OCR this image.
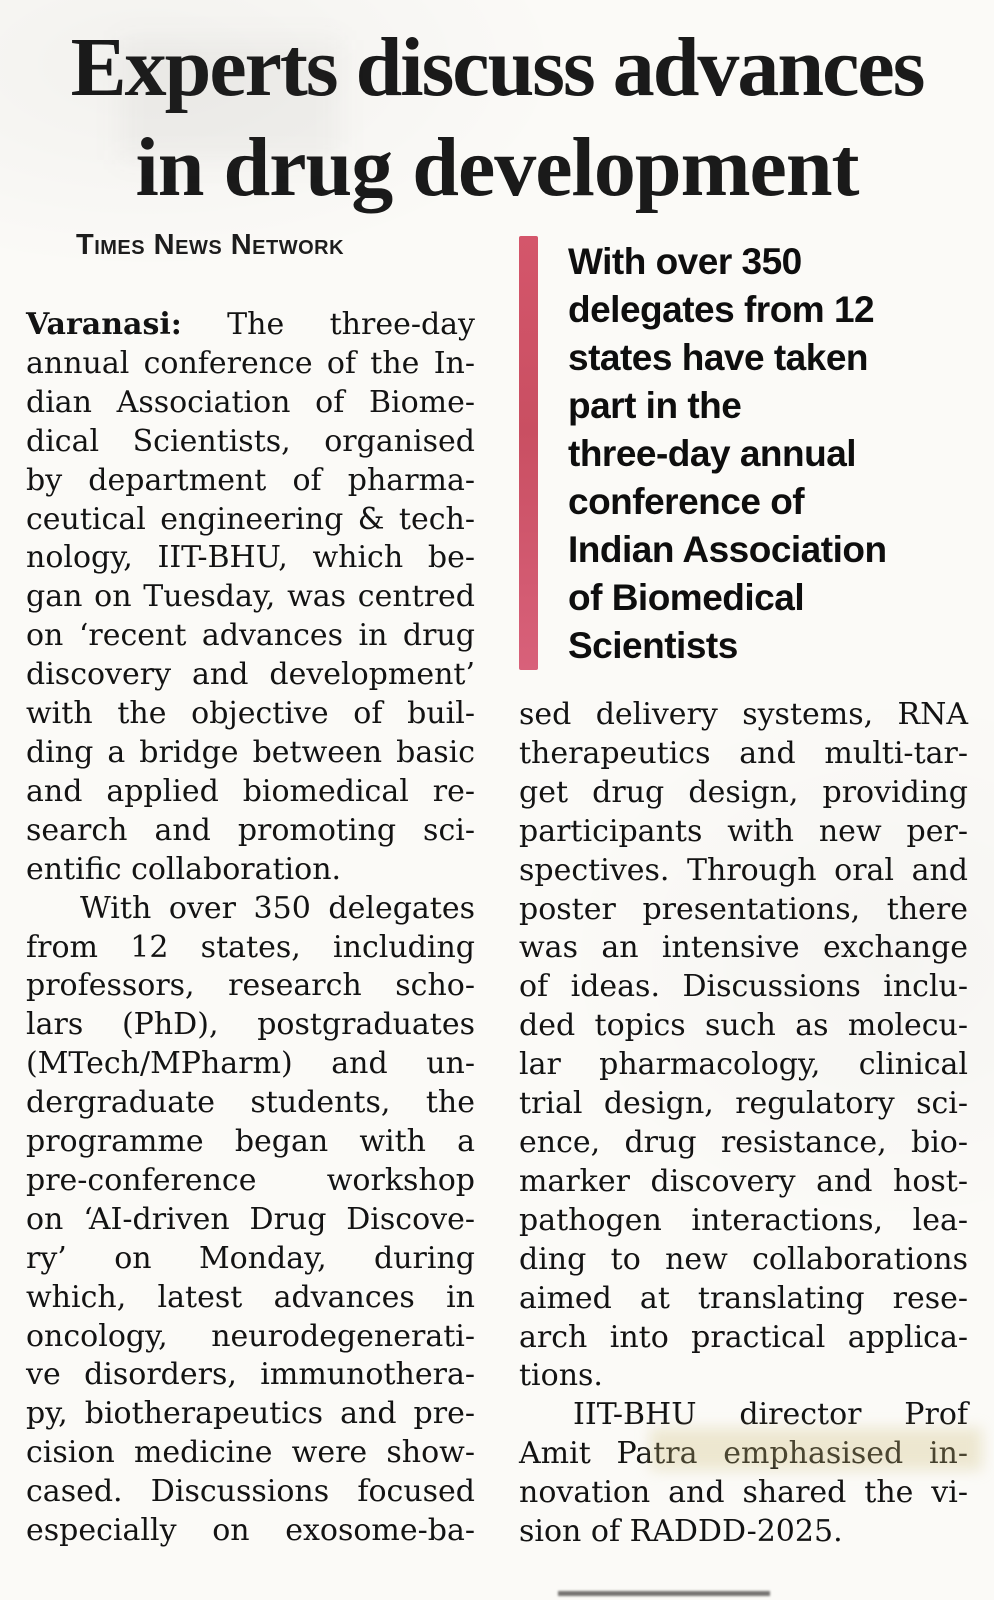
Experts discuss advances
in drug development
Times News Network
Varanasi: The three-day
annual conference of the In-
dian Association of Biome-
dical Scientists, organised
by department of pharma-
ceutical engineering & tech-
nology, IIT-BHU, which be-
gan on Tuesday, was centred
on ‘recent advances in drug
discovery and development’
with the objective of buil-
ding a bridge between basic
and applied biomedical re-
search and promoting sci-
entific collaboration.
With over 350 delegates
from 12 states, including
professors, research scho-
lars (PhD), postgraduates
(MTech/MPharm) and un-
dergraduate students, the
programme began with a
pre-conference workshop
on ‘AI-driven Drug Discove-
ry’ on Monday, during
which, latest advances in
oncology, neurodegenerati-
ve disorders, immunothera-
py, biotherapeutics and pre-
cision medicine were show-
cased. Discussions focused
especially on exosome-ba-
With over 350
delegates from 12
states have taken
part in the
three-day annual
conference of
Indian Association
of Biomedical
Scientists
sed delivery systems, RNA
therapeutics and multi-tar-
get drug design, providing
participants with new per-
spectives. Through oral and
poster presentations, there
was an intensive exchange
of ideas. Discussions inclu-
ded topics such as molecu-
lar pharmacology, clinical
trial design, regulatory sci-
ence, drug resistance, bio-
marker discovery and host-
pathogen interactions, lea-
ding to new collaborations
aimed at translating rese-
arch into practical applica-
tions.
IIT-BHU director Prof
Amit Patra emphasised in-
novation and shared the vi-
sion of RADDD-2025.
